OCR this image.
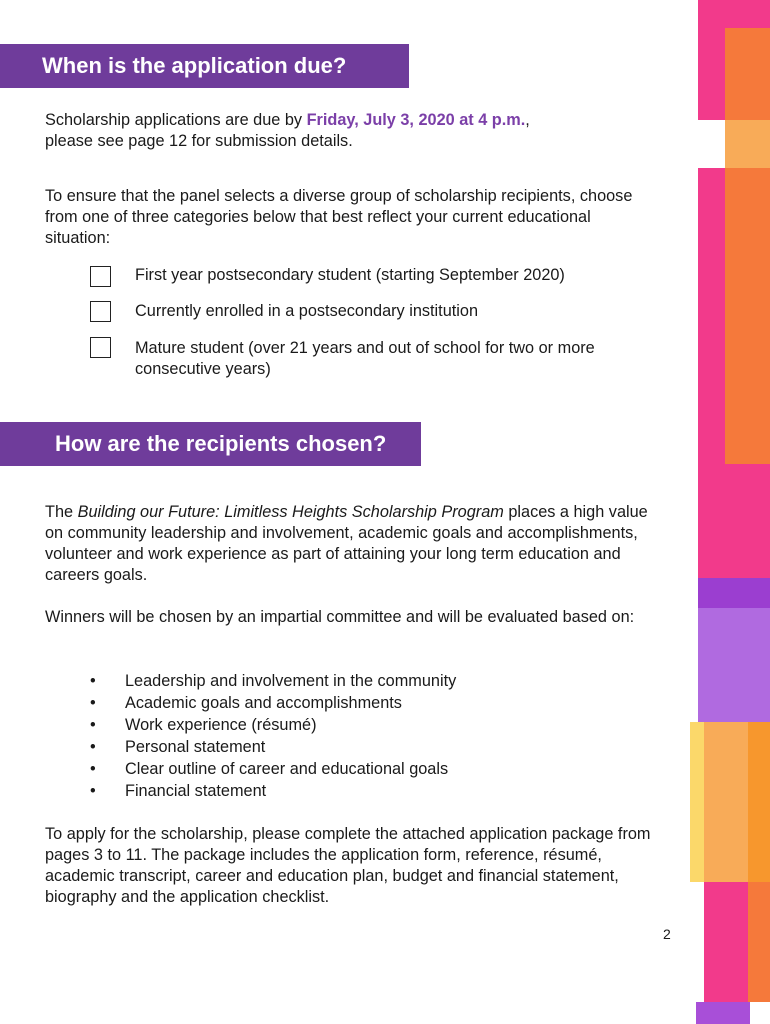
When is the application due?
Scholarship applications are due by Friday, July 3, 2020 at 4 p.m.,
please see page 12 for submission details.
To ensure that the panel selects a diverse group of scholarship recipients, choose from one of three categories below that best reflect your current educational situation:
First year postsecondary student (starting September 2020)
Currently enrolled in a postsecondary institution
Mature student (over 21 years and out of school for two or more consecutive years)
How are the recipients chosen?
The Building our Future: Limitless Heights Scholarship Program places a high value on community leadership and involvement, academic goals and accomplishments, volunteer and work experience as part of attaining your long term education and careers goals.
Winners will be chosen by an impartial committee and will be evaluated based on:
• Leadership and involvement in the community
• Academic goals and accomplishments
• Work experience (résumé)
• Personal statement
• Clear outline of career and educational goals
• Financial statement
To apply for the scholarship, please complete the attached application package from pages 3 to 11. The package includes the application form, reference, résumé, academic transcript, career and education plan, budget and financial statement, biography and the application checklist.
2
